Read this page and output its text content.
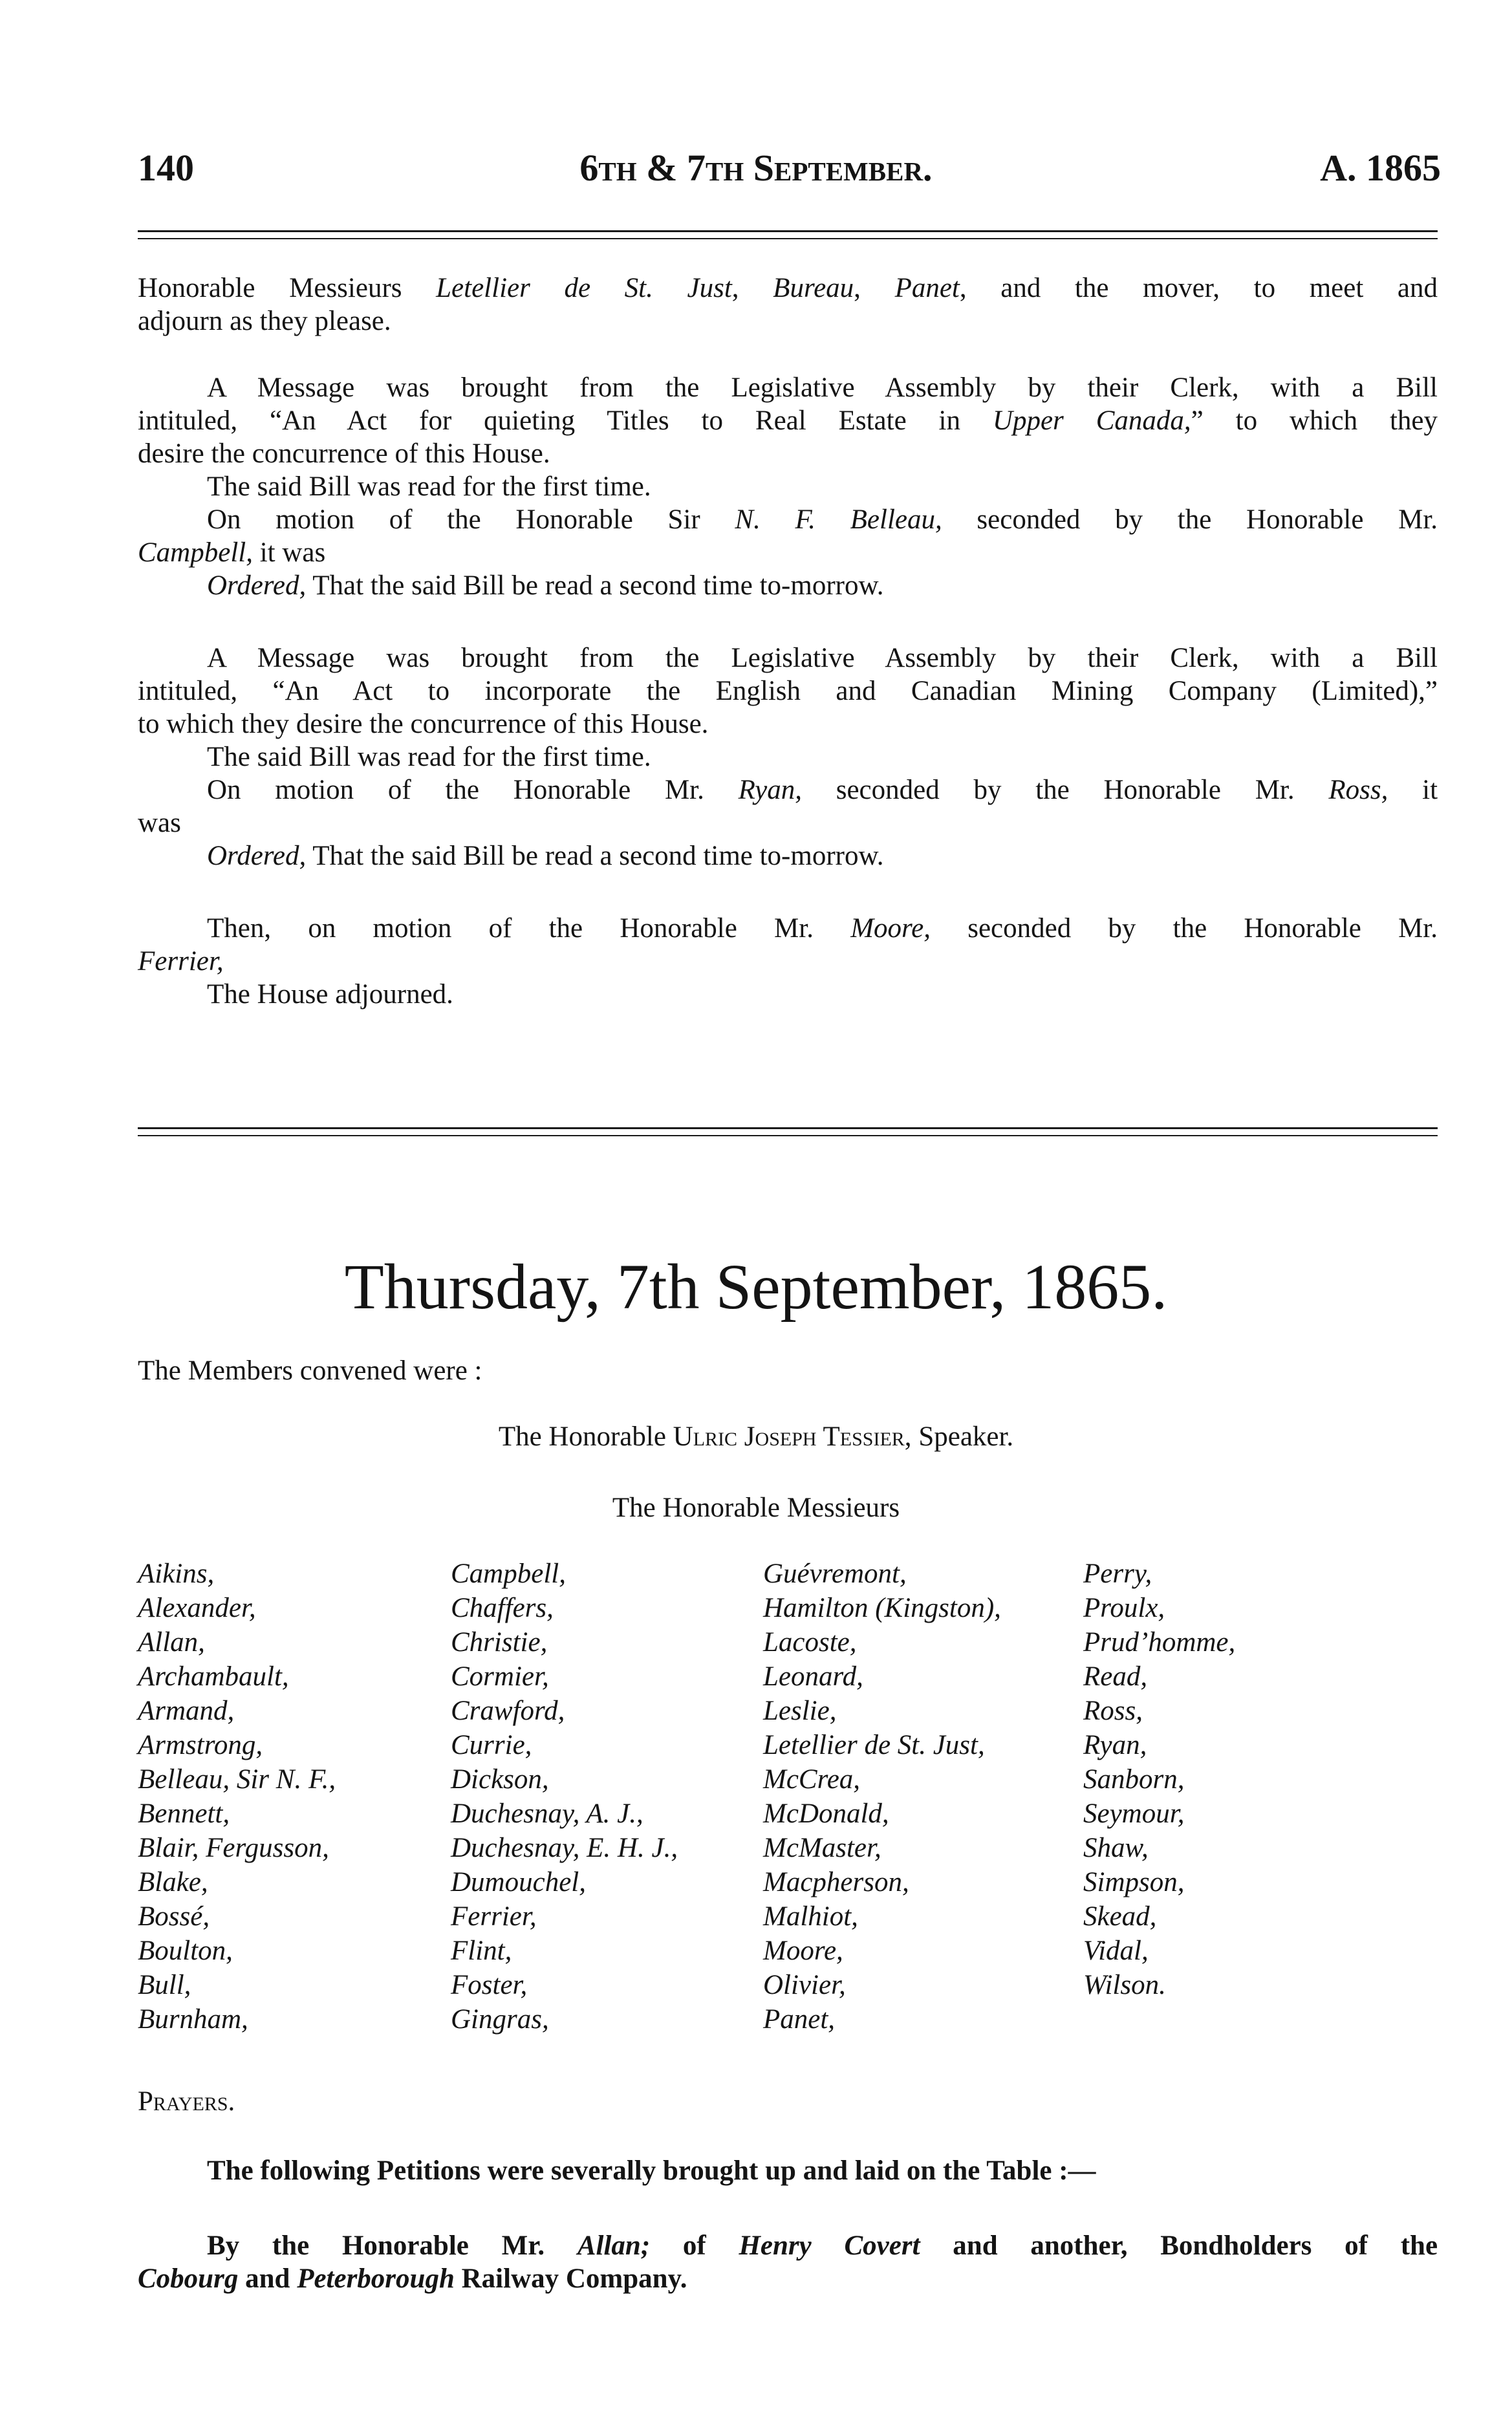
140	6th & 7th September.	A. 1865

Honorable Messieurs Letellier de St. Just, Bureau, Panet, and the mover, to meet and

adjourn as they please.

A Message was brought from the Legislative Assembly by their Clerk, with a Bill

intituled, “An Act for quieting Titles to Real Estate in Upper Canada,” to which they

desire the concurrence of this House.

The said Bill was read for the first time.

On motion of the Honorable Sir N. F. Belleau, seconded by the Honorable Mr.

Campbell, it was

Ordered, That the said Bill be read a second time to-morrow.

A Message was brought from the Legislative Assembly by their Clerk, with a Bill

intituled, “An Act to incorporate the English and Canadian Mining Company (Limited),”

to which they desire the concurrence of this House.

The said Bill was read for the first time.

On motion of the Honorable Mr. Ryan, seconded by the Honorable Mr. Ross, it

was

Ordered, That the said Bill be read a second time to-morrow.

Then, on motion of the Honorable Mr. Moore, seconded by the Honorable Mr.

Ferrier,

The House adjourned.

Thursday, 7th September, 1865.
The Members convened were :
The Honorable Ulric Joseph Tessier, Speaker.
The Honorable Messieurs
Aikins,
Alexander,
Allan,
Archambault,
Armand,
Armstrong,
Belleau, Sir N. F.,
Bennett,
Blair, Fergusson,
Blake,
Bossé,
Boulton,
Bull,
Burnham,
Campbell,
Chaffers,
Christie,
Cormier,
Crawford,
Currie,
Dickson,
Duchesnay, A. J.,
Duchesnay, E. H. J.,
Dumouchel,
Ferrier,
Flint,
Foster,
Gingras,
Guévremont,
Hamilton (Kingston),
Lacoste,
Leonard,
Leslie,
Letellier de St. Just,
McCrea,
McDonald,
McMaster,
Macpherson,
Malhiot,
Moore,
Olivier,
Panet,
Perry,
Proulx,
Prud’homme,
Read,
Ross,
Ryan,
Sanborn,
Seymour,
Shaw,
Simpson,
Skead,
Vidal,
Wilson.
Prayers.
The following Petitions were severally brought up and laid on the Table :—

By the Honorable Mr. Allan; of Henry Covert and another, Bondholders of the

Cobourg and Peterborough Railway Company.
